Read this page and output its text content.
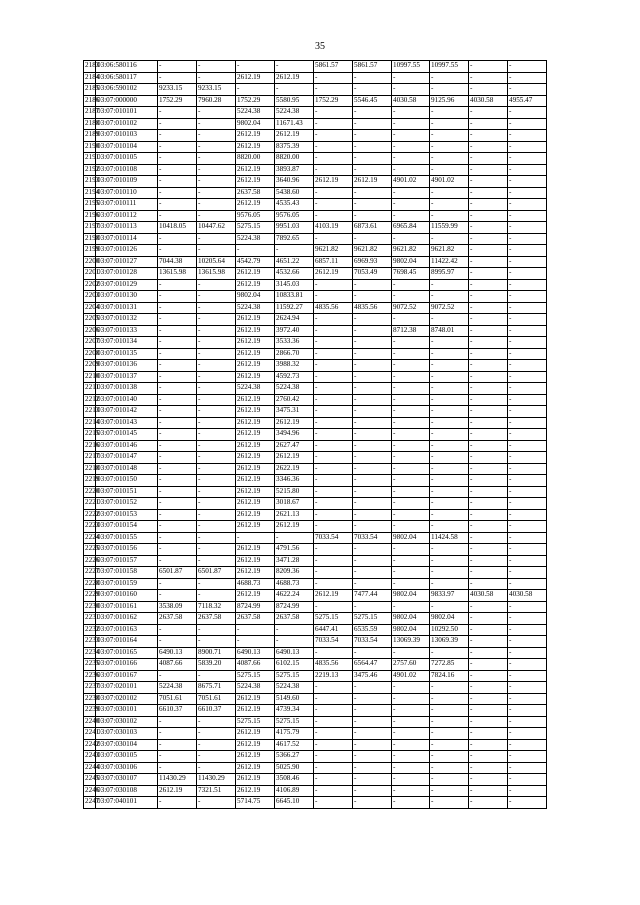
35
2183	03:06:580116	-	-	-	-	5861.57	5861.57	10997.55	10997.55	-	-
2184	03:06:580117	-	-	2612.19	2612.19	-	-	-	-	-	-
2185	03:06:590102	9233.15	9233.15	-	-	-	-	-	-	-	-
2186	03:07:000000	1752.29	7960.28	1752.29	5580.95	1752.29	5546.45	4030.58	9125.96	4030.58	4955.47
2187	03:07:010101	-	-	5224.38	5224.38	-	-	-	-	-	-
2188	03:07:010102	-	-	9802.04	11671.43	-	-	-	-	-	-
2189	03:07:010103	-	-	2612.19	2612.19	-	-	-	-	-	-
2190	03:07:010104	-	-	2612.19	8375.39	-	-	-	-	-	-
2191	03:07:010105	-	-	8820.00	8820.00	-	-	-	-	-	-
2192	03:07:010108	-	-	2612.19	3893.87	-	-	-	-	-	-
2193	03:07:010109	-	-	2612.19	3640.96	2612.19	2612.19	4901.02	4901.02	-	-
2194	03:07:010110	-	-	2637.58	5438.60	-	-	-	-	-	-
2195	03:07:010111	-	-	2612.19	4535.43	-	-	-	-	-	-
2196	03:07:010112	-	-	9576.05	9576.05	-	-	-	-	-	-
2197	03:07:010113	10418.05	10447.62	5275.15	9951.03	4103.19	6873.61	6965.84	11559.99	-	-
2198	03:07:010114	-	-	5224.38	7892.65	-	-	-	-	-	-
2199	03:07:010126	-	-	-	-	9621.82	9621.82	9621.82	9621.82	-	-
2200	03:07:010127	7044.38	10205.64	4542.79	4651.22	6857.11	6969.93	9802.04	11422.42	-	-
2201	03:07:010128	13615.98	13615.98	2612.19	4532.66	2612.19	7053.49	7698.45	8995.97	-	-
2202	03:07:010129	-	-	2612.19	3145.03	-	-	-	-	-	-
2203	03:07:010130	-	-	9802.04	10833.81	-	-	-	-	-	-
2204	03:07:010131	-	-	5224.38	11592.27	4835.56	4835.56	9072.52	9072.52	-	-
2205	03:07:010132	-	-	2612.19	2624.94	-	-	-	-	-	-
2206	03:07:010133	-	-	2612.19	3972.40	-	-	8712.38	8748.01	-	-
2207	03:07:010134	-	-	2612.19	3533.36	-	-	-	-	-	-
2208	03:07:010135	-	-	2612.19	2866.70	-	-	-	-	-	-
2209	03:07:010136	-	-	2612.19	3988.32	-	-	-	-	-	-
2210	03:07:010137	-	-	2612.19	4592.73	-	-	-	-	-	-
2211	03:07:010138	-	-	5224.38	5224.38	-	-	-	-	-	-
2212	03:07:010140	-	-	2612.19	2760.42	-	-	-	-	-	-
2213	03:07:010142	-	-	2612.19	3475.31	-	-	-	-	-	-
2214	03:07:010143	-	-	2612.19	2612.19	-	-	-	-	-	-
2215	03:07:010145	-	-	2612.19	3494.96	-	-	-	-	-	-
2216	03:07:010146	-	-	2612.19	2627.47	-	-	-	-	-	-
2217	03:07:010147	-	-	2612.19	2612.19	-	-	-	-	-	-
2218	03:07:010148	-	-	2612.19	2622.19	-	-	-	-	-	-
2219	03:07:010150	-	-	2612.19	3346.36	-	-	-	-	-	-
2220	03:07:010151	-	-	2612.19	5215.80	-	-	-	-	-	-
2221	03:07:010152	-	-	2612.19	3018.67	-	-	-	-	-	-
2222	03:07:010153	-	-	2612.19	2621.13	-	-	-	-	-	-
2223	03:07:010154	-	-	2612.19	2612.19	-	-	-	-	-	-
2224	03:07:010155	-	-	-	-	7033.54	7033.54	9802.04	11424.58	-	-
2225	03:07:010156	-	-	2612.19	4791.56	-	-	-	-	-	-
2226	03:07:010157	-	-	2612.19	3471.28	-	-	-	-	-	-
2227	03:07:010158	6501.87	6501.87	2612.19	8209.36	-	-	-	-	-	-
2228	03:07:010159	-	-	4688.73	4688.73	-	-	-	-	-	-
2229	03:07:010160	-	-	2612.19	4622.24	2612.19	7477.44	9802.04	9833.97	4030.58	4030.58
2230	03:07:010161	3538.09	7118.32	8724.99	8724.99	-	-	-	-	-	-
2231	03:07:010162	2637.58	2637.58	2637.58	2637.58	5275.15	5275.15	9802.04	9802.04	-	-
2232	03:07:010163	-	-	-	-	6447.41	6535.59	9802.04	10292.50	-	-
2233	03:07:010164	-	-	-	-	7033.54	7033.54	13069.39	13069.39	-	-
2234	03:07:010165	6490.13	8900.71	6490.13	6490.13	-	-	-	-	-	-
2235	03:07:010166	4087.66	5839.20	4087.66	6102.15	4835.56	6564.47	2757.60	7272.85	-	-
2236	03:07:010167	-	-	5275.15	5275.15	2219.13	3475.46	4901.02	7824.16	-	-
2237	03:07:020101	5224.38	8675.71	5224.38	5224.38	-	-	-	-	-	-
2238	03:07:020102	7051.61	7051.61	2612.19	5149.60	-	-	-	-	-	-
2239	03:07:030101	6610.37	6610.37	2612.19	4739.34	-	-	-	-	-	-
2240	03:07:030102	-	-	5275.15	5275.15	-	-	-	-	-	-
2241	03:07:030103	-	-	2612.19	4175.79	-	-	-	-	-	-
2242	03:07:030104	-	-	2612.19	4617.52	-	-	-	-	-	-
2243	03:07:030105	-	-	2612.19	5366.27	-	-	-	-	-	-
2244	03:07:030106	-	-	2612.19	5025.90	-	-	-	-	-	-
2245	03:07:030107	11430.29	11430.29	2612.19	3508.46	-	-	-	-	-	-
2246	03:07:030108	2612.19	7321.51	2612.19	4106.89	-	-	-	-	-	-
2247	03:07:040101	-	-	5714.75	6645.10	-	-	-	-	-	-
